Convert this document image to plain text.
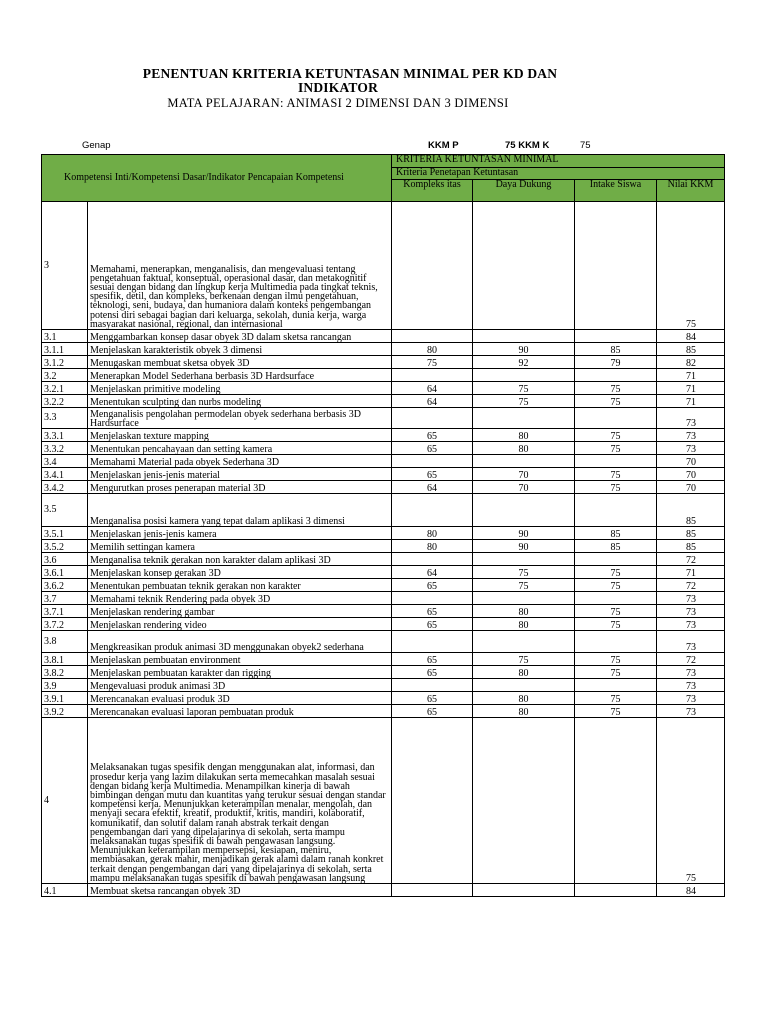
PENENTUAN KRITERIA KETUNTASAN MINIMAL PER KD DAN
INDIKATOR
MATA PELAJARAN: ANIMASI 2 DIMENSI DAN 3 DIMENSI
Genap	KKM P	75 KKM K	75
Kompetensi Inti/Kompetensi Dasar/Indikator Pencapaian Kompetensi		KRITERIA KETUNTASAN MINIMAL			
		Kriteria Penetapan Ketuntasan			
		Kompleks itas	Daya Dukung	Intake Siswa	Nilai KKM
3	Memahami, menerapkan, menganalisis, dan mengevaluasi tentang pengetahuan faktual, konseptual, operasional dasar, dan metakognitif sesuai dengan bidang dan lingkup kerja Multimedia pada tingkat teknis, spesifik, detil, dan kompleks, berkenaan dengan ilmu pengetahuan, teknologi, seni, budaya, dan humaniora dalam konteks pengembangan potensi diri sebagai bagian dari keluarga, sekolah, dunia kerja, warga masyarakat nasional, regional, dan internasional				75
3.1	Menggambarkan konsep dasar obyek 3D dalam sketsa rancangan				84
3.1.1	Menjelaskan karakteristik obyek 3 dimensi	80	90	85	85
3.1.2	Menugaskan membuat sketsa obyek 3D	75	92	79	82
3.2	Menerapkan Model Sederhana berbasis 3D Hardsurface				71
3.2.1	Menjelaskan primitive modeling	64	75	75	71
3.2.2	Menentukan sculpting dan nurbs modeling	64	75	75	71
3.3	Menganalisis pengolahan permodelan obyek sederhana berbasis 3D Hardsurface				73
3.3.1	Menjelaskan texture mapping	65	80	75	73
3.3.2	Menentukan pencahayaan dan setting kamera	65	80	75	73
3.4	Memahami Material pada obyek Sederhana 3D				70
3.4.1	Menjelaskan jenis-jenis material	65	70	75	70
3.4.2	Mengurutkan proses penerapan material 3D	64	70	75	70
3.5	Menganalisa posisi kamera yang tepat dalam aplikasi 3 dimensi				85
3.5.1	Menjelaskan jenis-jenis kamera	80	90	85	85
3.5.2	Memilih settingan kamera	80	90	85	85
3.6	Menganalisa teknik gerakan non karakter dalam aplikasi 3D				72
3.6.1	Menjelaskan konsep gerakan 3D	64	75	75	71
3.6.2	Menentukan pembuatan teknik gerakan non karakter	65	75	75	72
3.7	Memahami teknik Rendering pada obyek 3D				73
3.7.1	Menjelaskan rendering gambar	65	80	75	73
3.7.2	Menjelaskan rendering video	65	80	75	73
3.8	Mengkreasikan produk animasi 3D menggunakan obyek2 sederhana				73
3.8.1	Menjelaskan pembuatan environment	65	75	75	72
3.8.2	Menjelaskan pembuatan karakter dan rigging	65	80	75	73
3.9	Mengevaluasi produk animasi 3D				73
3.9.1	Merencanakan evaluasi produk 3D	65	80	75	73
3.9.2	Merencanakan evaluasi laporan pembuatan produk	65	80	75	73
4	Melaksanakan tugas spesifik dengan menggunakan alat, informasi, dan prosedur kerja yang lazim dilakukan serta memecahkan masalah sesuai dengan bidang kerja Multimedia. Menampilkan kinerja di bawah bimbingan dengan mutu dan kuantitas yang terukur sesuai dengan standar kompetensi kerja. Menunjukkan keterampilan menalar, mengolah, dan menyaji secara efektif, kreatif, produktif, kritis, mandiri, kolaboratif, komunikatif, dan solutif dalam ranah abstrak terkait dengan pengembangan dari yang dipelajarinya di sekolah, serta mampu melaksanakan tugas spesifik di bawah pengawasan langsung. Menunjukkan keterampilan mempersepsi, kesiapan, meniru, membiasakan, gerak mahir, menjadikan gerak alami dalam ranah konkret terkait dengan pengembangan dari yang dipelajarinya di sekolah, serta mampu melaksanakan tugas spesifik di bawah pengawasan langsung				75
4.1	Membuat sketsa rancangan obyek 3D				84
